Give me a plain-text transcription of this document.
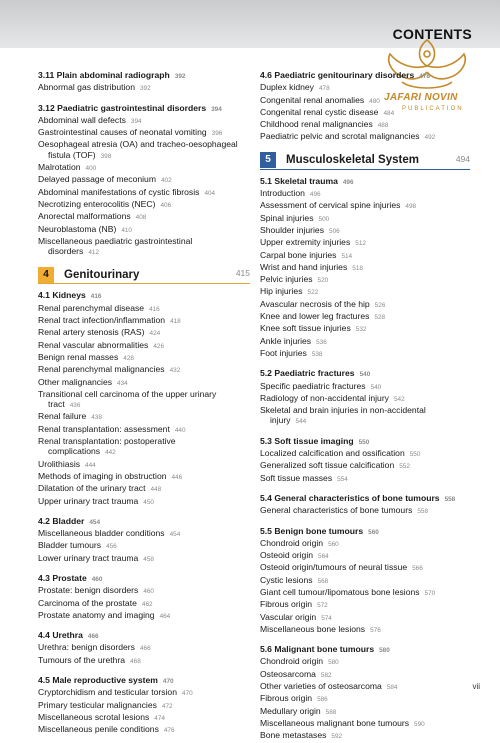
CONTENTS
JAFARI NOVIN
PUBLICATION
3.11 Plain abdominal radiograph 392
Abnormal gas distribution 392
3.12 Paediatric gastrointestinal disorders 394
Abdominal wall defects 394
Gastrointestinal causes of neonatal vomiting 396
Oesophageal atresia (OA) and tracheo-oesophageal
fistula (TOF) 398
Malrotation 400
Delayed passage of meconium 402
Abdominal manifestations of cystic fibrosis 404
Necrotizing enterocolitis (NEC) 406
Anorectal malformations 408
Neuroblastoma (NB) 410
Miscellaneous paediatric gastrointestinal
disorders 412
4	Genitourinary	415
4.1 Kidneys 416
Renal parenchymal disease 416
Renal tract infection/inflammation 418
Renal artery stenosis (RAS) 424
Renal vascular abnormalities 426
Benign renal masses 428
Renal parenchymal malignancies 432
Other malignancies 434
Transitional cell carcinoma of the upper urinary
tract 436
Renal failure 438
Renal transplantation: assessment 440
Renal transplantation: postoperative
complications 442
Urolithiasis 444
Methods of imaging in obstruction 446
Dilatation of the urinary tract 448
Upper urinary tract trauma 450
4.2 Bladder 454
Miscellaneous bladder conditions 454
Bladder tumours 456
Lower urinary tract trauma 458
4.3 Prostate 460
Prostate: benign disorders 460
Carcinoma of the prostate 462
Prostate anatomy and imaging 464
4.4 Urethra 466
Urethra: benign disorders 466
Tumours of the urethra 468
4.5 Male reproductive system 470
Cryptorchidism and testicular torsion 470
Primary testicular malignancies 472
Miscellaneous scrotal lesions 474
Miscellaneous penile conditions 476
4.6 Paediatric genitourinary disorders 478
Duplex kidney 478
Congenital renal anomalies 480
Congenital renal cystic disease 484
Childhood renal malignancies 488
Paediatric pelvic and scrotal malignancies 492
5	Musculoskeletal System	494
5.1 Skeletal trauma 496
Introduction 496
Assessment of cervical spine injuries 498
Spinal injuries 500
Shoulder injuries 506
Upper extremity injuries 512
Carpal bone injuries 514
Wrist and hand injuries 518
Pelvic injuries 520
Hip injuries 522
Avascular necrosis of the hip 526
Knee and lower leg fractures 528
Knee soft tissue injuries 532
Ankle injuries 536
Foot injuries 538
5.2 Paediatric fractures 540
Specific paediatric fractures 540
Radiology of non-accidental injury 542
Skeletal and brain injuries in non-accidental
injury 544
5.3 Soft tissue imaging 550
Localized calcification and ossification 550
Generalized soft tissue calcification 552
Soft tissue masses 554
5.4 General characteristics of bone tumours 558
General characteristics of bone tumours 558
5.5 Benign bone tumours 560
Chondroid origin 560
Osteoid origin 564
Osteoid origin/tumours of neural tissue 566
Cystic lesions 568
Giant cell tumour/lipomatous bone lesions 570
Fibrous origin 572
Vascular origin 574
Miscellaneous bone lesions 576
5.6 Malignant bone tumours 580
Chondroid origin 580
Osteosarcoma 582
Other varieties of osteosarcoma 584
Fibrous origin 586
Medullary origin 588
Miscellaneous malignant bone tumours 590
Bone metastases 592
vii
